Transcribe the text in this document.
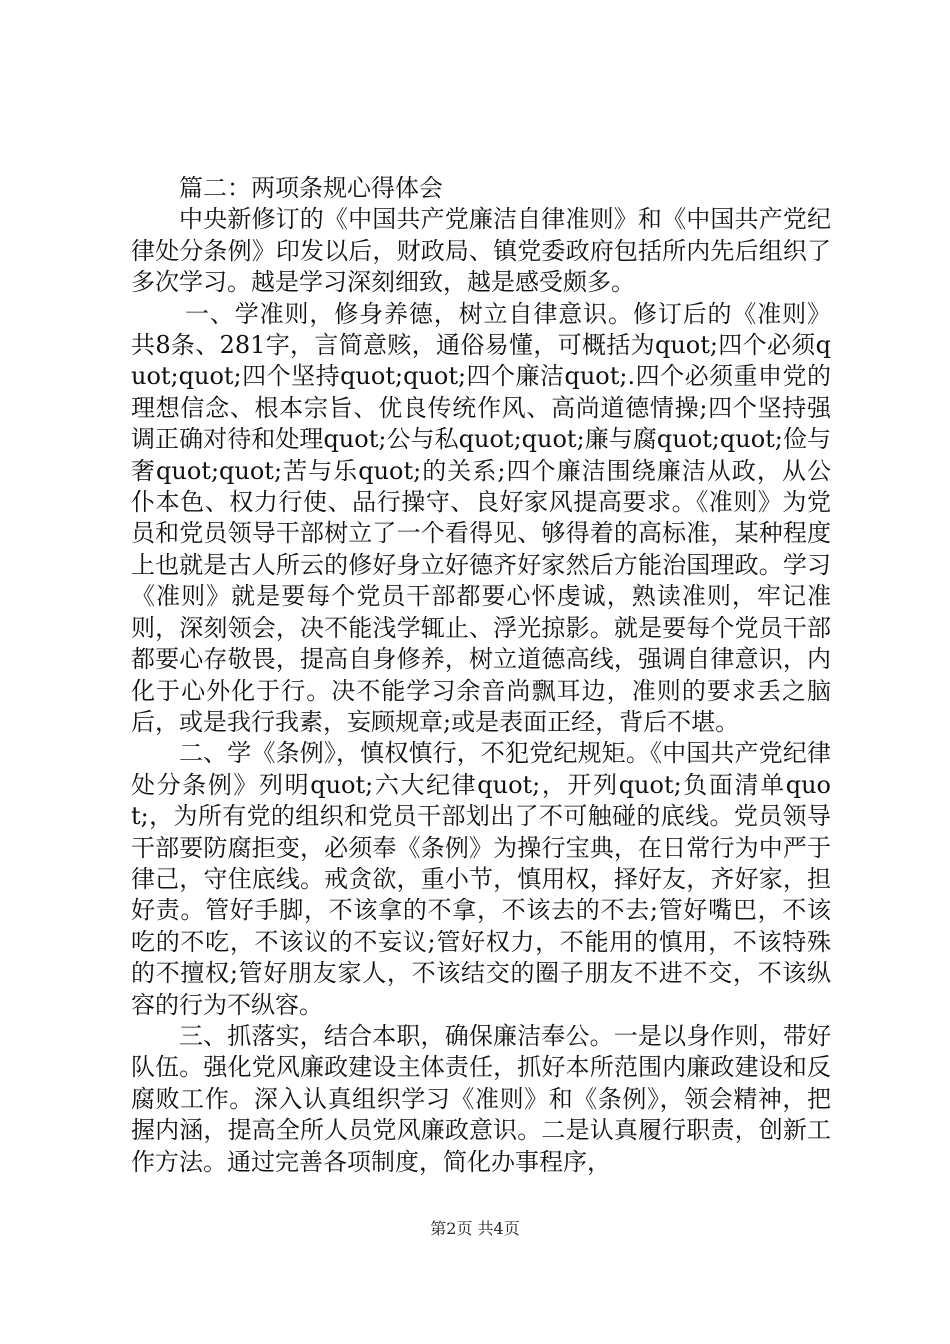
篇二：两项条规心得体会

中央新修订的《中国共产党廉洁自律准则》和《中国共产党纪律处分条例》印发以后，财政局、镇党委政府包括所内先后组织了多次学习。越是学习深刻细致，越是感受颇多。

一、学准则，修身养德，树立自律意识。修订后的《准则》共8条、281字，言简意赅，通俗易懂，可概括为quot;四个必须quot;quot;四个坚持quot;quot;四个廉洁quot;.四个必须重申党的理想信念、根本宗旨、优良传统作风、高尚道德情操;四个坚持强调正确对待和处理quot;公与私quot;quot;廉与腐quot;quot;俭与奢quot;quot;苦与乐quot;的关系;四个廉洁围绕廉洁从政，从公仆本色、权力行使、品行操守、良好家风提高要求。《准则》为党员和党员领导干部树立了一个看得见、够得着的高标准，某种程度上也就是古人所云的修好身立好德齐好家然后方能治国理政。学习《准则》就是要每个党员干部都要心怀虔诚，熟读准则，牢记准则，深刻领会，决不能浅学辄止、浮光掠影。就是要每个党员干部都要心存敬畏，提高自身修养，树立道德高线，强调自律意识，内化于心外化于行。决不能学习余音尚飘耳边，准则的要求丢之脑后，或是我行我素，妄顾规章;或是表面正经，背后不堪。

二、学《条例》，慎权慎行，不犯党纪规矩。《中国共产党纪律处分条例》列明quot;六大纪律quot;，开列quot;负面清单quot;，为所有党的组织和党员干部划出了不可触碰的底线。党员领导干部要防腐拒变，必须奉《条例》为操行宝典，在日常行为中严于律己，守住底线。戒贪欲，重小节，慎用权，择好友，齐好家，担好责。管好手脚，不该拿的不拿，不该去的不去;管好嘴巴，不该吃的不吃，不该议的不妄议;管好权力，不能用的慎用，不该特殊的不擅权;管好朋友家人，不该结交的圈子朋友不进不交，不该纵容的行为不纵容。

三、抓落实，结合本职，确保廉洁奉公。一是以身作则，带好队伍。强化党风廉政建设主体责任，抓好本所范围内廉政建设和反腐败工作。深入认真组织学习《准则》和《条例》，领会精神，把握内涵，提高全所人员党风廉政意识。二是认真履行职责，创新工作方法。通过完善各项制度，简化办事程序，

第2页 共4页
